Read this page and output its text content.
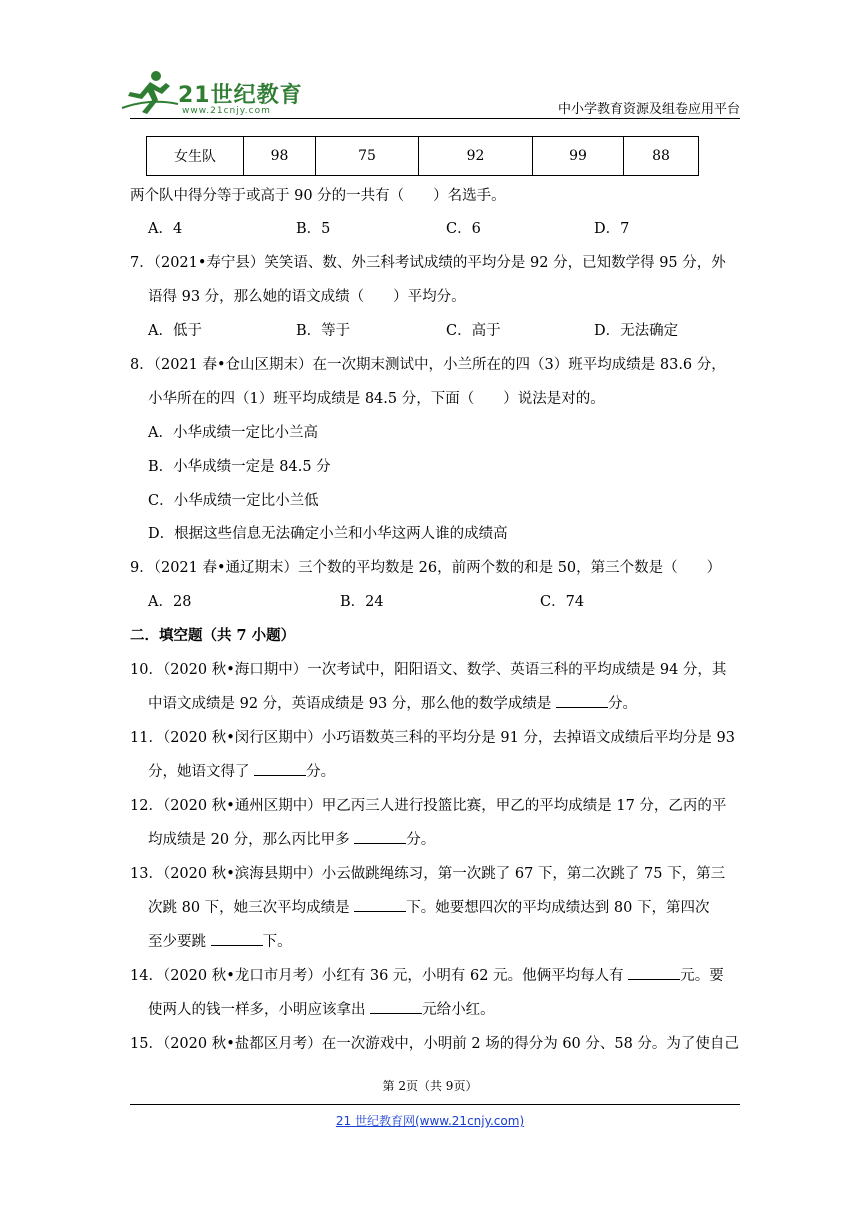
21世纪教育
www.21cnjy.com	中小学教育资源及组卷应用平台
女生队	98	75	92	99	88
两个队中得分等于或高于 90 分的一共有（　　）名选手。
A．4	B．5	C．6	D．7
7．（2021•寿宁县）笑笑语、数、外三科考试成绩的平均分是 92 分，已知数学得 95 分，外
语得 93 分，那么她的语文成绩（　　）平均分。
A．低于	B．等于	C．高于	D．无法确定
8．（2021 春•仓山区期末）在一次期末测试中，小兰所在的四（3）班平均成绩是 83.6 分，
小华所在的四（1）班平均成绩是 84.5 分，下面（　　）说法是对的。
A．小华成绩一定比小兰高
B．小华成绩一定是 84.5 分
C．小华成绩一定比小兰低
D．根据这些信息无法确定小兰和小华这两人谁的成绩高
9．（2021 春•通辽期末）三个数的平均数是 26，前两个数的和是 50，第三个数是（　　）
A．28	B．24	C．74
二．填空题（共 7 小题）
10．（2020 秋•海口期中）一次考试中，阳阳语文、数学、英语三科的平均成绩是 94 分，其
中语文成绩是 92 分，英语成绩是 93 分，那么他的数学成绩是	分。
11．（2020 秋•闵行区期中）小巧语数英三科的平均分是 91 分，去掉语文成绩后平均分是 93
分，她语文得了	分。
12．（2020 秋•通州区期中）甲乙丙三人进行投篮比赛，甲乙的平均成绩是 17 分，乙丙的平
均成绩是 20 分，那么丙比甲多	分。
13．（2020 秋•滨海县期中）小云做跳绳练习，第一次跳了 67 下，第二次跳了 75 下，第三
次跳 80 下，她三次平均成绩是	下。她要想四次的平均成绩达到 80 下，第四次
至少要跳	下。
14．（2020 秋•龙口市月考）小红有 36 元，小明有 62 元。他俩平均每人有	元。要
使两人的钱一样多，小明应该拿出	元给小红。
15．（2020 秋•盐都区月考）在一次游戏中，小明前 2 场的得分为 60 分、58 分。为了使自己
第 2页（共 9页）
21 世纪教育网(www.21cnjy.com)
